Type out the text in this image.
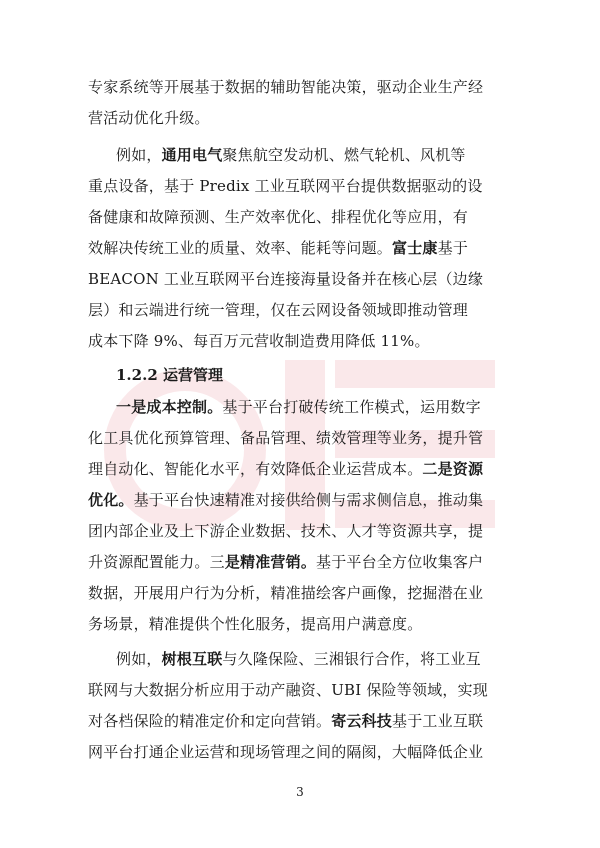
专家系统等开展基于数据的辅助智能决策，驱动企业生产经
营活动优化升级。
例如，通用电气聚焦航空发动机、燃气轮机、风机等
重点设备，基于 Predix 工业互联网平台提供数据驱动的设
备健康和故障预测、生产效率优化、排程优化等应用，有
效解决传统工业的质量、效率、能耗等问题。富士康基于
BEACON 工业互联网平台连接海量设备并在核心层（边缘
层）和云端进行统一管理，仅在云网设备领域即推动管理
成本下降 9%、每百万元营收制造费用降低 11%。
1.2.2 运营管理
一是成本控制。基于平台打破传统工作模式，运用数字
化工具优化预算管理、备品管理、绩效管理等业务，提升管
理自动化、智能化水平，有效降低企业运营成本。二是资源
优化。基于平台快速精准对接供给侧与需求侧信息，推动集
团内部企业及上下游企业数据、技术、人才等资源共享，提
升资源配置能力。三是精准营销。基于平台全方位收集客户
数据，开展用户行为分析，精准描绘客户画像，挖掘潜在业
务场景，精准提供个性化服务，提高用户满意度。
例如，树根互联与久隆保险、三湘银行合作，将工业互
联网与大数据分析应用于动产融资、UBI 保险等领域，实现
对各档保险的精准定价和定向营销。寄云科技基于工业互联
网平台打通企业运营和现场管理之间的隔阂，大幅降低企业
3
